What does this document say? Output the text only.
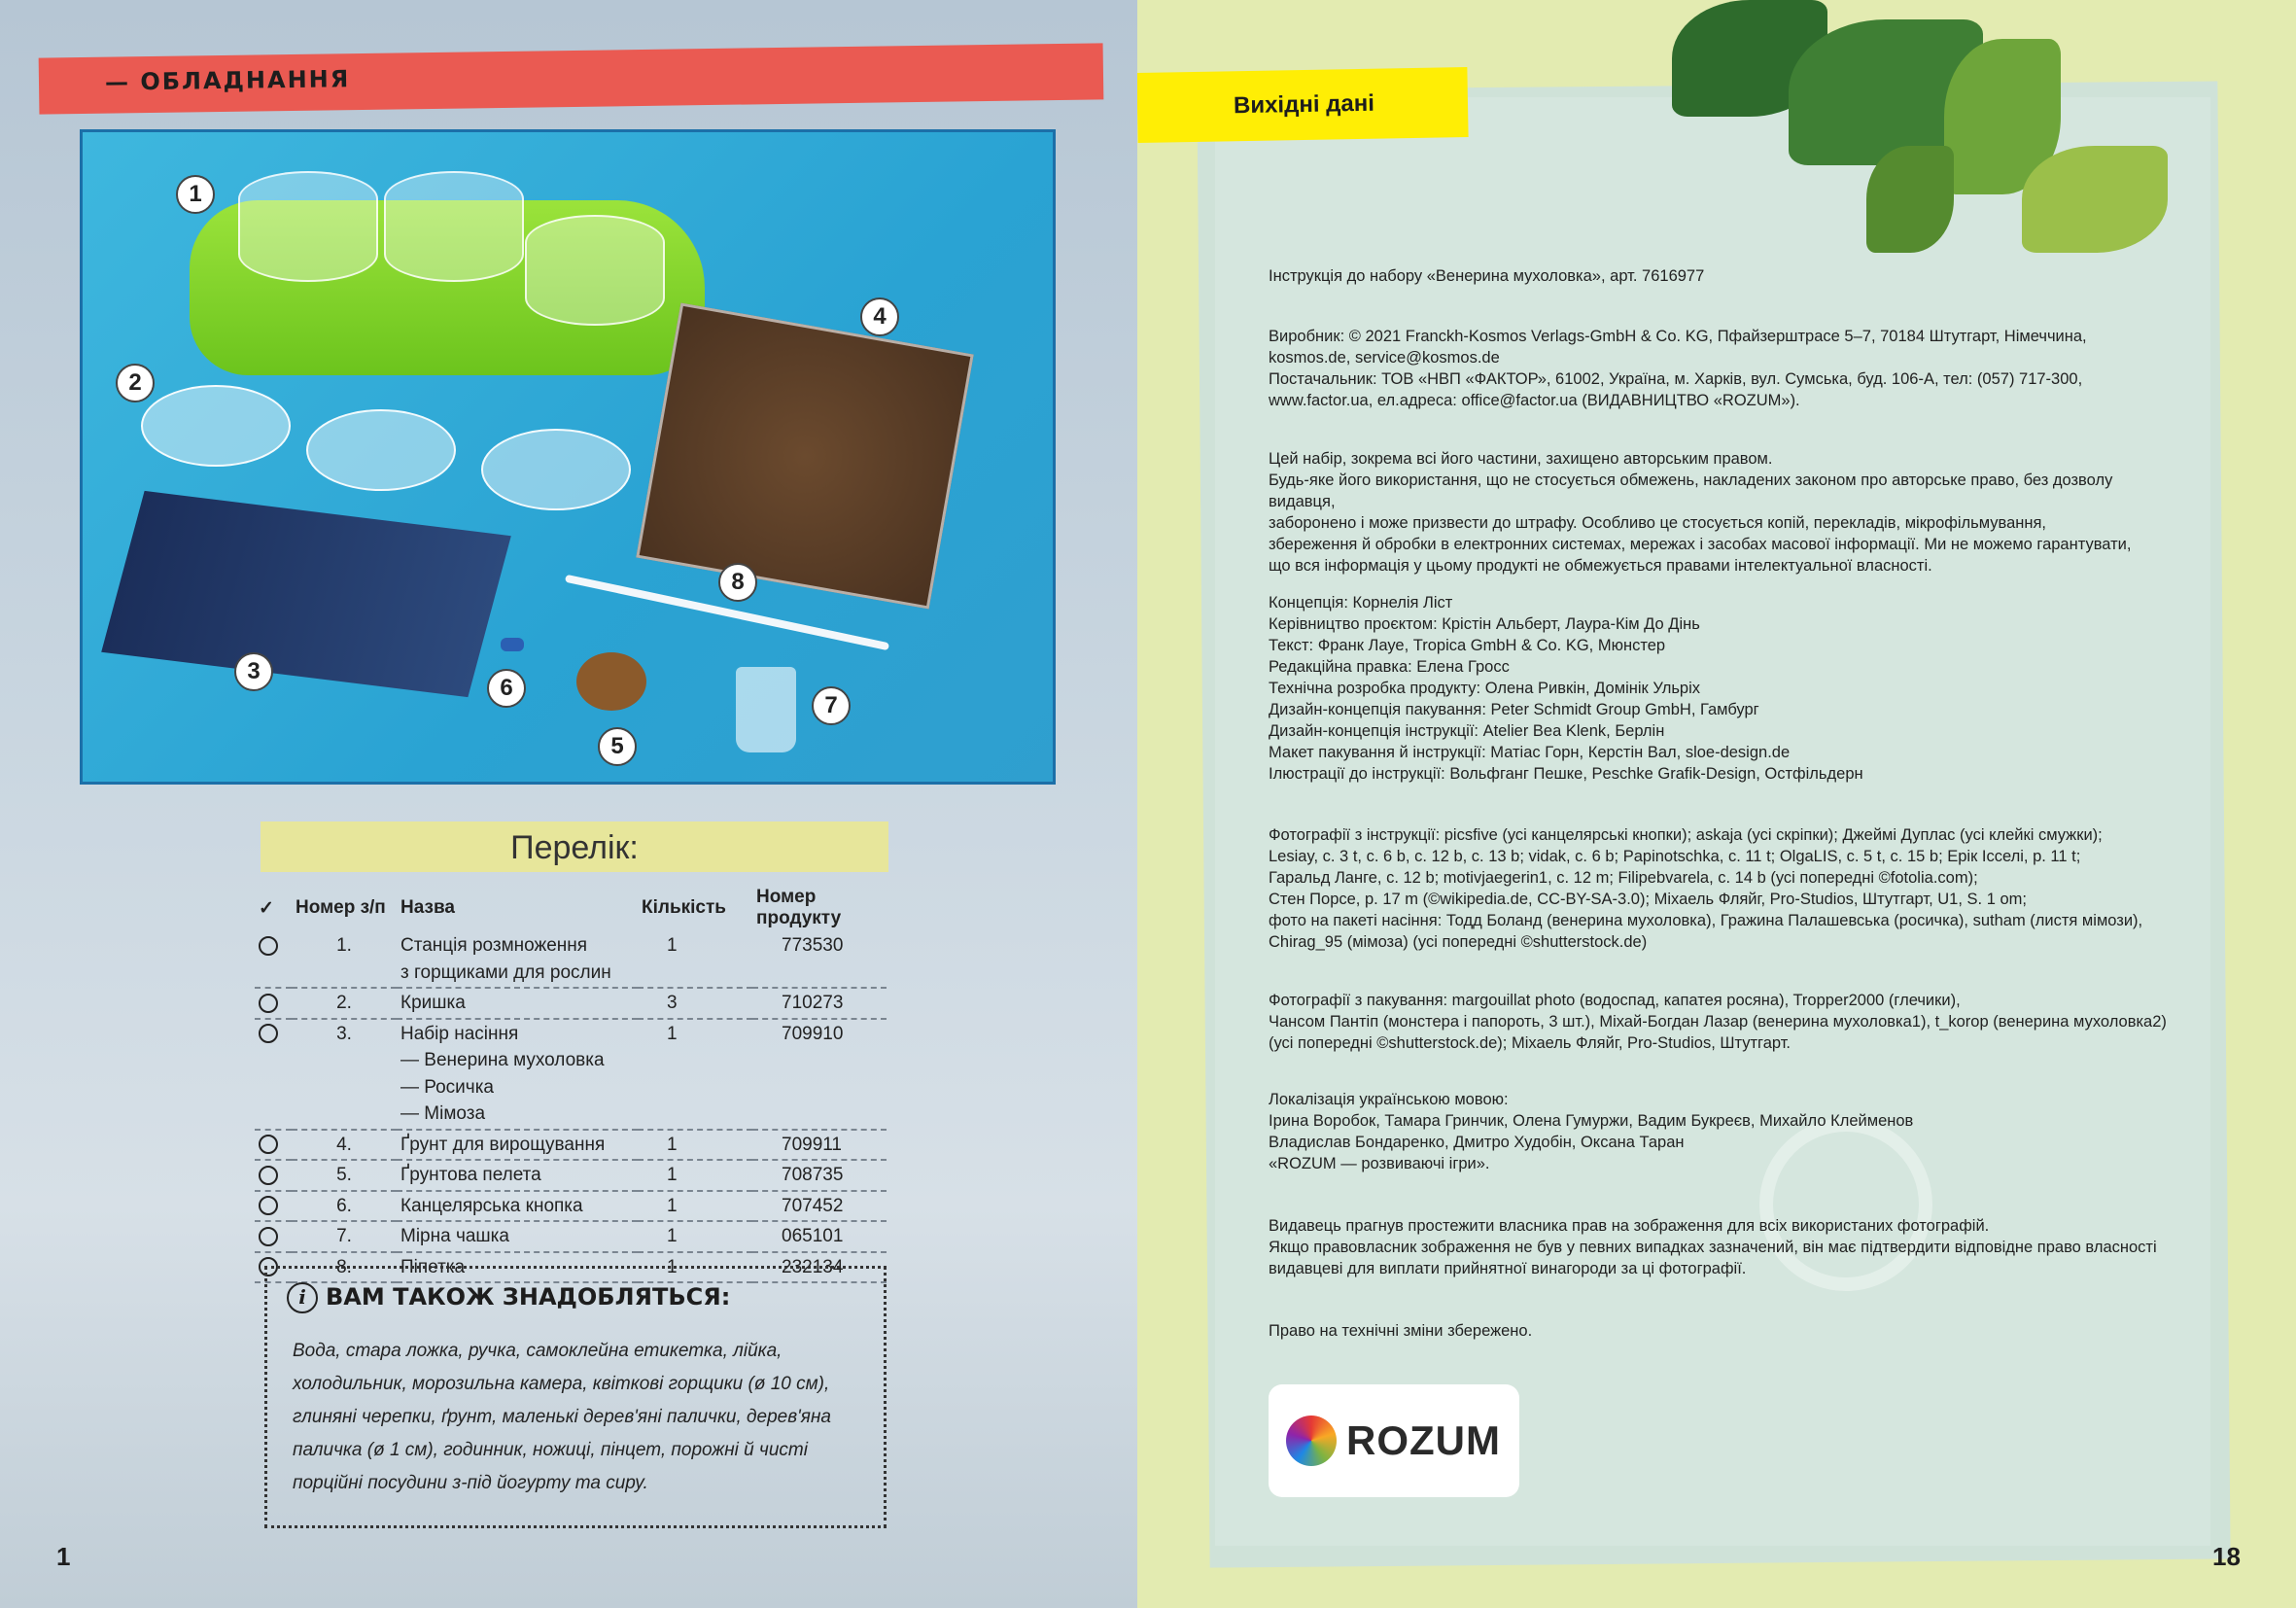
— ОБЛАДНАННЯ
1
2
3
4
5
6
7
8
Перелік:
✓	Номер з/п	Назва	Кількість	Номер продукту
	1.	Станція розмноження
з горщиками для рослин	1	773530
	2.	Кришка	3	710273
	3.	Набір насіння
— Венерина мухоловка
— Росичка
— Мімоза	1	709910
	4.	Ґрунт для вирощування	1	709911
	5.	Ґрунтова пелета	1	708735
	6.	Канцелярська кнопка	1	707452
	7.	Мірна чашка	1	065101
	8.	Піпетка	1	232134
i ВАМ ТАКОЖ ЗНАДОБЛЯТЬСЯ:

Вода, стара ложка, ручка, самоклейна етикетка, лійка, холодильник, морозильна камера, квіткові горщики (ø 10 см), глиняні черепки, ґрунт, маленькі дерев'яні палички, дерев'яна паличка (ø 1 см), годинник, ножиці, пінцет, порожні й чисті порційні посудини з-під йогурту та сиру.

1
Вихідні дані
18

Інструкція до набору «Венерина мухоловка», арт. 7616977

Виробник: © 2021 Franckh-Kosmos Verlags-GmbH & Co. KG, Пфайзерштрасе 5–7, 70184 Штутгарт, Німеччина,
kosmos.de, service@kosmos.de
Постачальник: ТОВ «НВП «ФАКТОР», 61002, Україна, м. Харків, вул. Сумська, буд. 106-А, тел: (057) 717-300,
www.factor.ua, ел.адреса: office@factor.ua (ВИДАВНИЦТВО «ROZUM»).

Цей набір, зокрема всі його частини, захищено авторським правом.
Будь-яке його використання, що не стосується обмежень, накладених законом про авторське право, без дозволу видавця,
заборонено і може призвести до штрафу. Особливо це стосується копій, перекладів, мікрофільмування,
збереження й обробки в електронних системах, мережах і засобах масової інформації. Ми не можемо гарантувати,
що вся інформація у цьому продукті не обмежується правами інтелектуальної власності.

Концепція: Корнелія Ліст
Керівництво проєктом: Крістін Альберт, Лаура-Кім До Дінь
Текст: Франк Лауе, Tropica GmbH & Co. KG, Мюнстер
Редакційна правка: Елена Гросс
Технічна розробка продукту: Олена Ривкін, Домінік Ульріх
Дизайн-концепція пакування: Peter Schmidt Group GmbH, Гамбург
Дизайн-концепція інструкції: Atelier Bea Klenk, Берлін
Макет пакування й інструкції: Матіас Горн, Керстін Вал, sloe-design.de
Ілюстрації до інструкції: Вольфганг Пешке, Peschke Grafik-Design, Остфільдерн

Фотографії з інструкції: picsfive (усі канцелярські кнопки); askaja (усі скріпки); Джеймі Дуплас (усі клейкі смужки);
Lesiay, с. 3 t, с. 6 b, с. 12 b, с. 13 b; vidak, с. 6 b; Papinotschka, с. 11 t; OlgaLIS, с. 5 t, с. 15 b; Ерік Ісселі, р. 11 t;
Гаральд Ланге, с. 12 b; motivjaegerin1, с. 12 m; Filipebvarela, с. 14 b (усі попередні ©fotolia.com);
Стен Порсе, р. 17 m (©wikipedia.de, CC-BY-SA-3.0); Міхаель Фляйг, Pro-Studios, Штутгарт, U1, S. 1 om;
фото на пакеті насіння: Тодд Боланд (венерина мухоловка), Гражина Палашевська (росичка), sutham (листя мімози),
Chirag_95 (мімоза) (усі попередні ©shutterstock.de)

Фотографії з пакування: margouillat photo (водоспад, капатея росяна), Tropper2000 (глечики),
Чансом Пантіп (монстера і папороть, 3 шт.), Міхай-Богдан Лазар (венерина мухоловка1), t_korop (венерина мухоловка2)
(усі попередні ©shutterstock.de); Міхаель Фляйг, Pro-Studios, Штутгарт.

Локалізація українською мовою:
Ірина Воробок, Тамара Гринчик, Олена Гумуржи, Вадим Букреєв, Михайло Клейменов
Владислав Бондаренко, Дмитро Худобін, Оксана Таран
«ROZUM — розвиваючі ігри».

Видавець прагнув простежити власника прав на зображення для всіх використаних фотографій.
Якщо правовласник зображення не був у певних випадках зазначений, він має підтвердити відповідне право власності
видавцеві для виплати прийнятної винагороди за ці фотографії.

Право на технічні зміни збережено.

ROZUM
